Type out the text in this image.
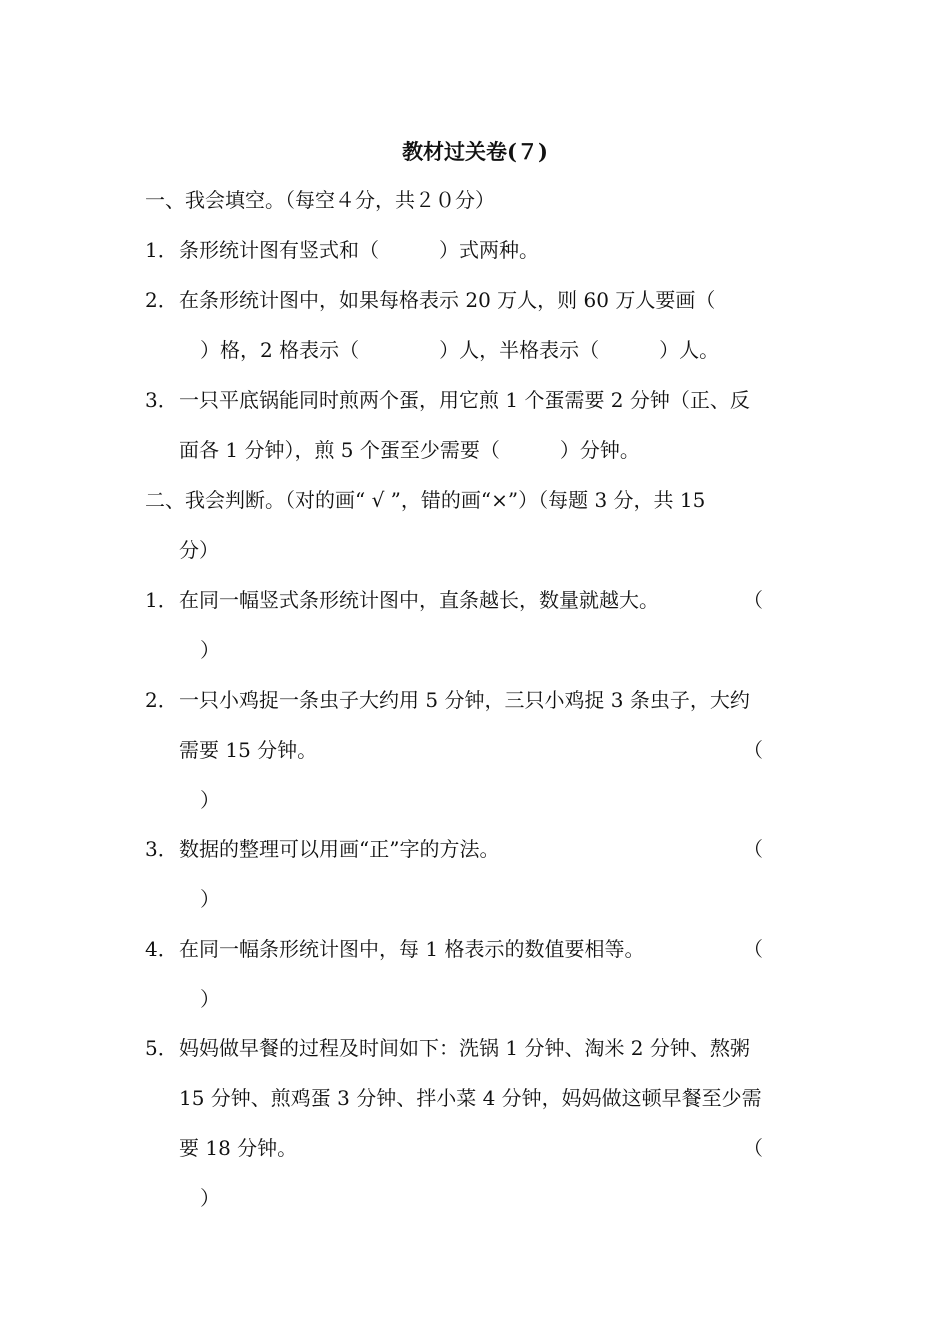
教材过关卷(７)
一、我会填空。（每空４分，共２０分）
1．条形统计图有竖式和（　　　）式两种。
2．在条形统计图中，如果每格表示 20 万人，则 60 万人要画（
）格，2 格表示（　　　　）人，半格表示（　　　）人。
3．一只平底锅能同时煎两个蛋，用它煎 1 个蛋需要 2 分钟（正、反
面各 1 分钟），煎 5 个蛋至少需要（　　　）分钟。
二、我会判断。（对的画“ √ ”，错的画“×”）（每题 3 分，共 15
分）
1．在同一幅竖式条形统计图中，直条越长，数量就越大。	（
）
2．一只小鸡捉一条虫子大约用 5 分钟，三只小鸡捉 3 条虫子，大约
需要 15 分钟。	（
）
3．数据的整理可以用画“正”字的方法。	（
）
4．在同一幅条形统计图中，每 1 格表示的数值要相等。	（
）
5．妈妈做早餐的过程及时间如下：洗锅 1 分钟、淘米 2 分钟、熬粥
15 分钟、煎鸡蛋 3 分钟、拌小菜 4 分钟，妈妈做这顿早餐至少需
要 18 分钟。	（
）
